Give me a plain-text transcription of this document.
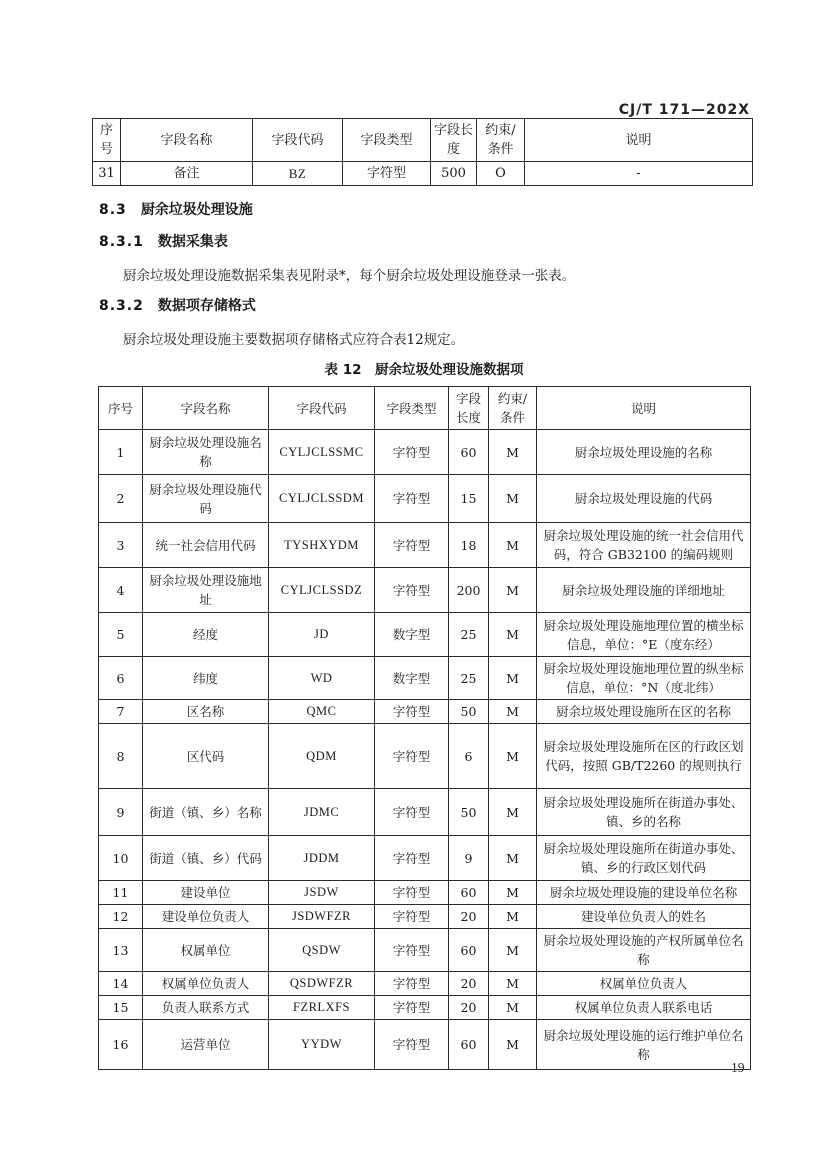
CJ/T 171—202X
序号	字段名称	字段代码	字段类型	字段长度	约束/条件	说明
31	备注	BZ	字符型	500	O	-
8.3 厨余垃圾处理设施
8.3.1 数据采集表
厨余垃圾处理设施数据采集表见附录*，每个厨余垃圾处理设施登录一张表。
8.3.2 数据项存储格式
厨余垃圾处理设施主要数据项存储格式应符合表12规定。
表 12　厨余垃圾处理设施数据项
序号	字段名称	字段代码	字段类型	字段长度	约束/条件	说明
1	厨余垃圾处理设施名称	CYLJCLSSMC	字符型	60	M	厨余垃圾处理设施的名称
2	厨余垃圾处理设施代码	CYLJCLSSDM	字符型	15	M	厨余垃圾处理设施的代码
3	统一社会信用代码	TYSHXYDM	字符型	18	M	厨余垃圾处理设施的统一社会信用代码，符合 GB32100 的编码规则
4	厨余垃圾处理设施地址	CYLJCLSSDZ	字符型	200	M	厨余垃圾处理设施的详细地址
5	经度	JD	数字型	25	M	厨余垃圾处理设施地理位置的横坐标信息，单位：°E（度东经）
6	纬度	WD	数字型	25	M	厨余垃圾处理设施地理位置的纵坐标信息，单位：°N（度北纬）
7	区名称	QMC	字符型	50	M	厨余垃圾处理设施所在区的名称
8	区代码	QDM	字符型	6	M	厨余垃圾处理设施所在区的行政区划代码，按照 GB/T2260 的规则执行
9	街道（镇、乡）名称	JDMC	字符型	50	M	厨余垃圾处理设施所在街道办事处、镇、乡的名称
10	街道（镇、乡）代码	JDDM	字符型	9	M	厨余垃圾处理设施所在街道办事处、镇、乡的行政区划代码
11	建设单位	JSDW	字符型	60	M	厨余垃圾处理设施的建设单位名称
12	建设单位负责人	JSDWFZR	字符型	20	M	建设单位负责人的姓名
13	权属单位	QSDW	字符型	60	M	厨余垃圾处理设施的产权所属单位名称
14	权属单位负责人	QSDWFZR	字符型	20	M	权属单位负责人
15	负责人联系方式	FZRLXFS	字符型	20	M	权属单位负责人联系电话
16	运营单位	YYDW	字符型	60	M	厨余垃圾处理设施的运行维护单位名称
19
